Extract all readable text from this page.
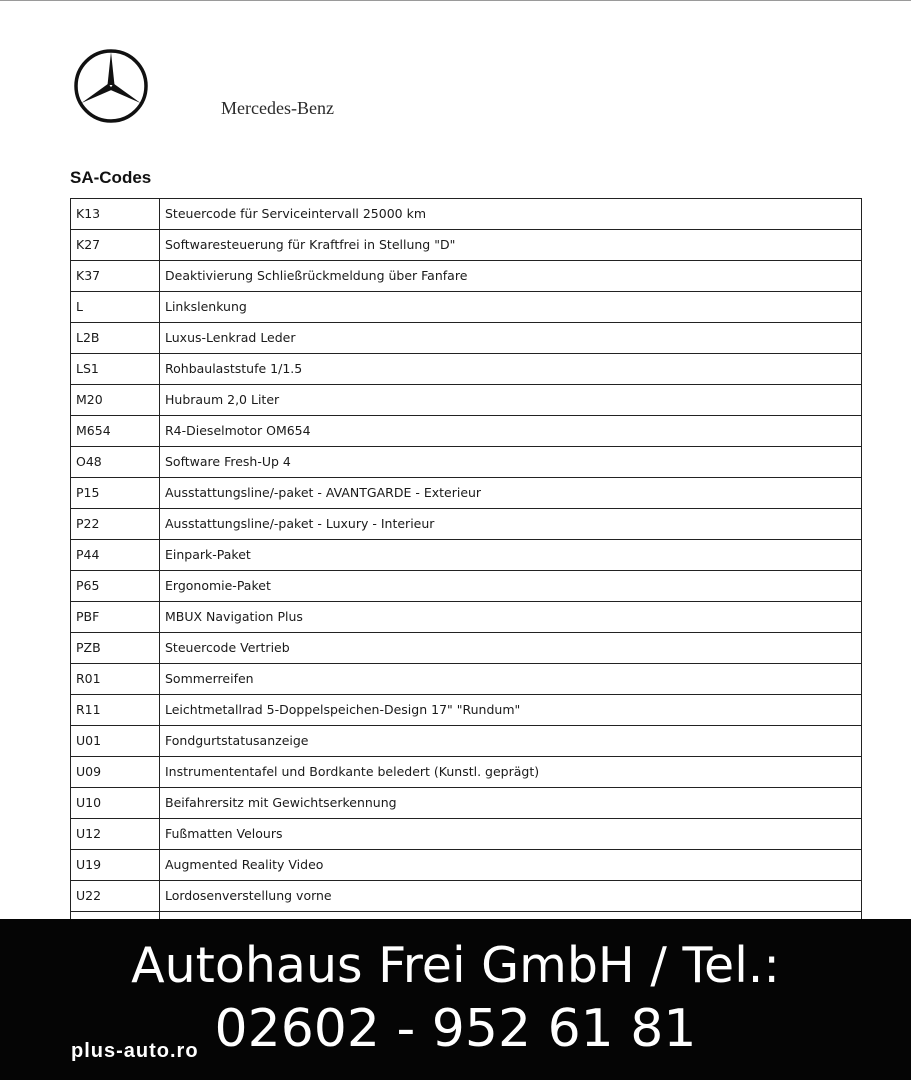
Mercedes-Benz
SA-Codes
K13	Steuercode für Serviceintervall 25000 km
K27	Softwaresteuerung für Kraftfrei in Stellung "D"
K37	Deaktivierung Schließrückmeldung über Fanfare
L	Linkslenkung
L2B	Luxus-Lenkrad Leder
LS1	Rohbaulaststufe 1/1.5
M20	Hubraum 2,0 Liter
M654	R4-Dieselmotor OM654
O48	Software Fresh-Up 4
P15	Ausstattungsline/-paket - AVANTGARDE - Exterieur
P22	Ausstattungsline/-paket - Luxury - Interieur
P44	Einpark-Paket
P65	Ergonomie-Paket
PBF	MBUX Navigation Plus
PZB	Steuercode Vertrieb
R01	Sommerreifen
R11	Leichtmetallrad 5-Doppelspeichen-Design 17" "Rundum"
U01	Fondgurtstatusanzeige
U09	Instrumententafel und Bordkante beledert (Kunstl. geprägt)
U10	Beifahrersitz mit Gewichtserkennung
U12	Fußmatten Velours
U19	Augmented Reality Video
U22	Lordosenverstellung vorne

Autohaus Frei GmbH / Tel.:
02602 - 952 61 81
plus-auto.ro
